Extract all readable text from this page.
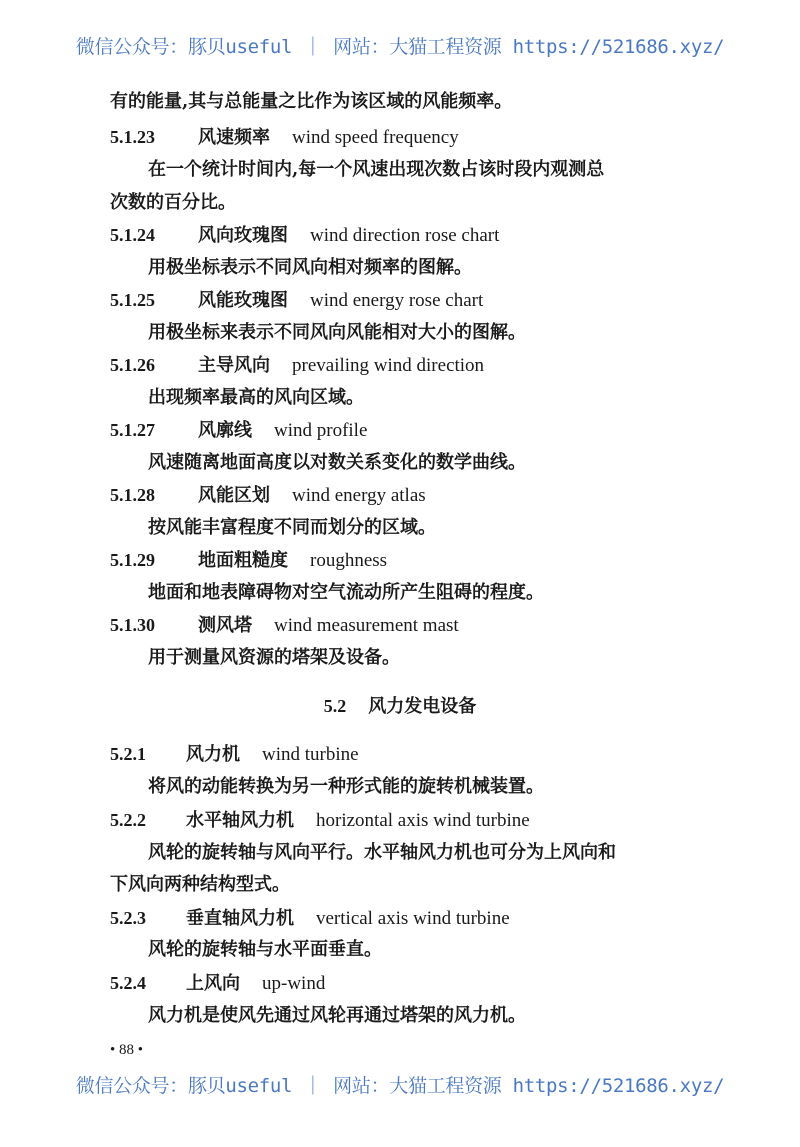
微信公众号：豚贝useful ｜ 网站：大猫工程资源 https://521686.xyz/
有的能量,其与总能量之比作为该区域的风能频率。
5.1.23 风速频率 wind speed frequency
在一个统计时间内,每一个风速出现次数占该时段内观测总
次数的百分比。
5.1.24 风向玫瑰图 wind direction rose chart
用极坐标表示不同风向相对频率的图解。
5.1.25 风能玫瑰图 wind energy rose chart
用极坐标来表示不同风向风能相对大小的图解。
5.1.26 主导风向 prevailing wind direction
出现频率最高的风向区域。
5.1.27 风廓线 wind profile
风速随离地面高度以对数关系变化的数学曲线。
5.1.28 风能区划 wind energy atlas
按风能丰富程度不同而划分的区域。
5.1.29 地面粗糙度 roughness
地面和地表障碍物对空气流动所产生阻碍的程度。
5.1.30 测风塔 wind measurement mast
用于测量风资源的塔架及设备。
5.2 风力发电设备
5.2.1 风力机 wind turbine
将风的动能转换为另一种形式能的旋转机械装置。
5.2.2 水平轴风力机 horizontal axis wind turbine
风轮的旋转轴与风向平行。水平轴风力机也可分为上风向和
下风向两种结构型式。
5.2.3 垂直轴风力机 vertical axis wind turbine
风轮的旋转轴与水平面垂直。
5.2.4 上风向 up-wind
风力机是使风先通过风轮再通过塔架的风力机。
• 88 •
微信公众号：豚贝useful ｜ 网站：大猫工程资源 https://521686.xyz/
